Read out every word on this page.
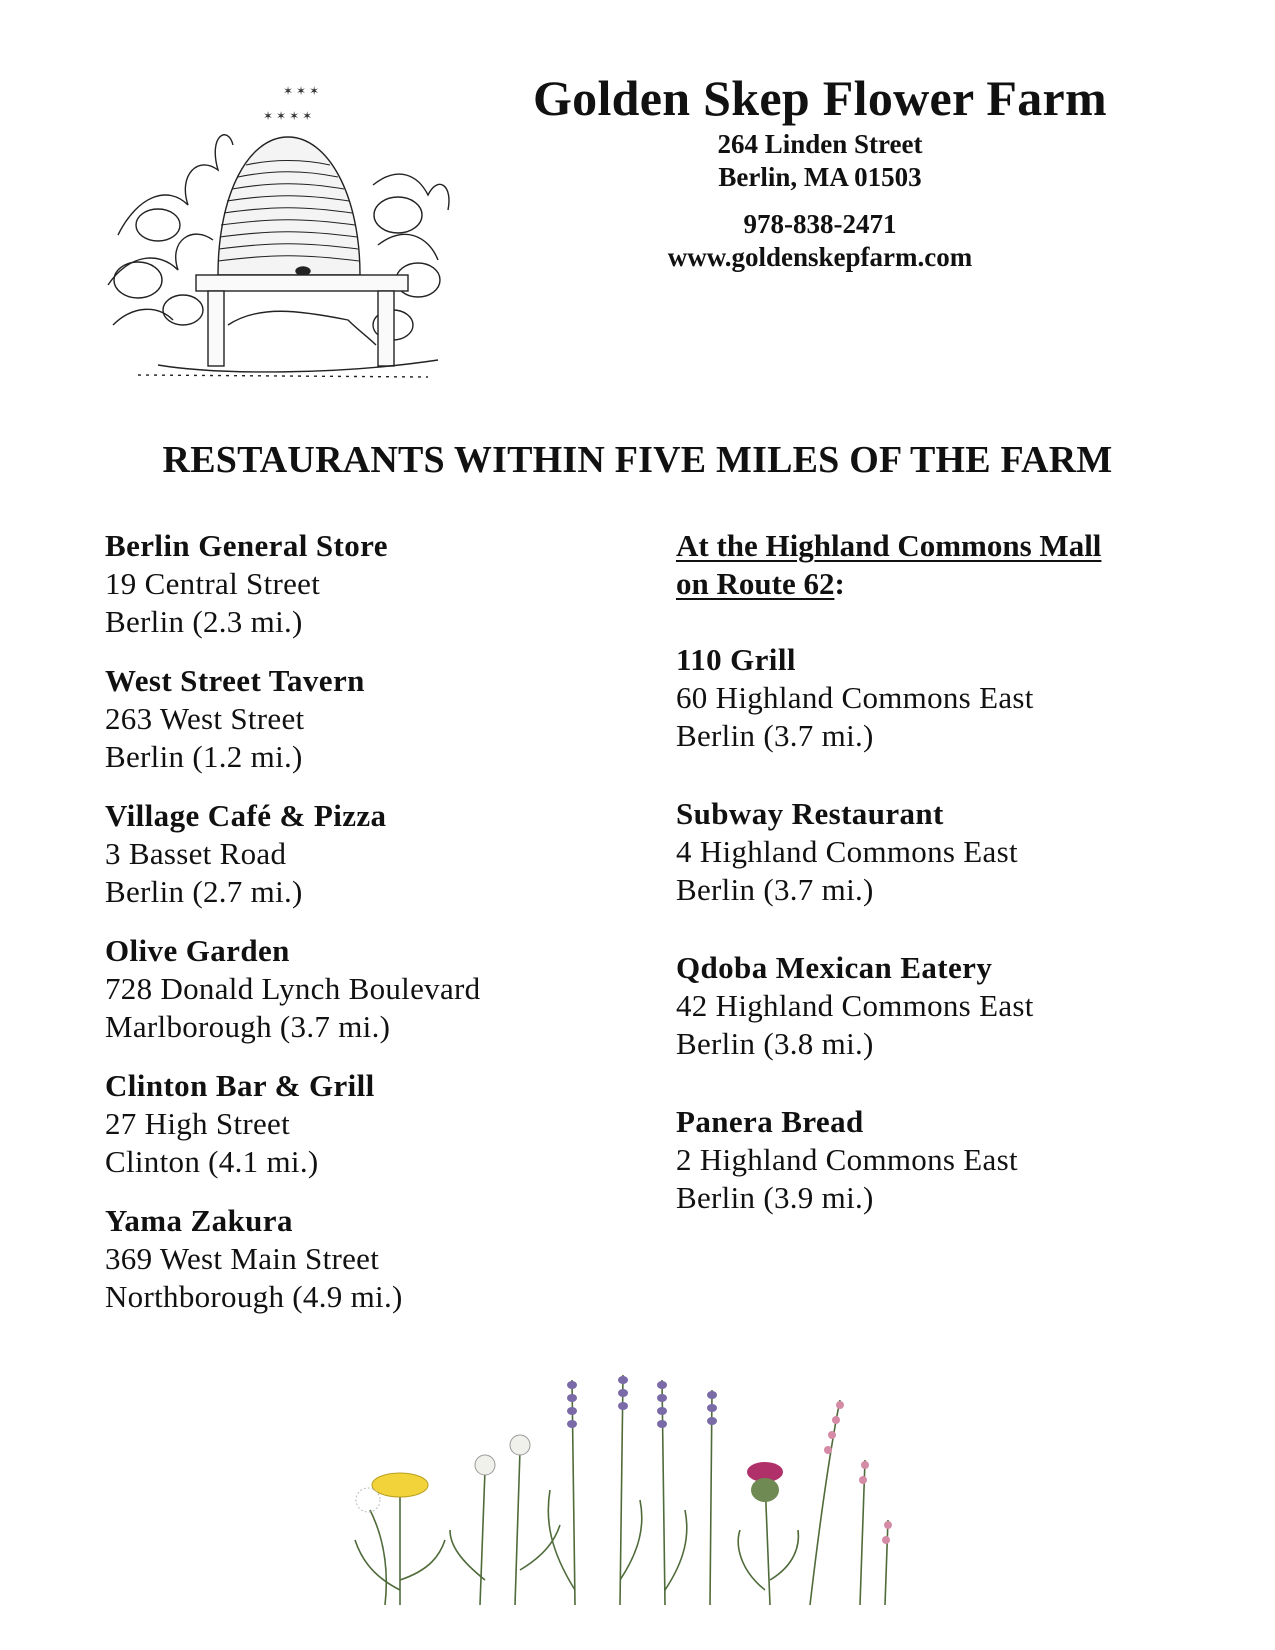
✶ ✶ ✶
✶ ✶ ✶ ✶	Golden Skep Flower Farm
264 Linden Street
Berlin, MA 01503
978-838-2471
www.goldenskepfarm.com
RESTAURANTS WITHIN FIVE MILES OF THE FARM
Berlin General Store
19 Central Street
Berlin (2.3 mi.)
West Street Tavern
263 West Street
Berlin (1.2 mi.)
Village Café & Pizza
3 Basset Road
Berlin (2.7 mi.)
Olive Garden
728 Donald Lynch Boulevard
Marlborough (3.7 mi.)
Clinton Bar & Grill
27 High Street
Clinton (4.1 mi.)
Yama Zakura
369 West Main Street
Northborough (4.9 mi.)
At the Highland Commons Mall
on Route 62:
110 Grill
60 Highland Commons East
Berlin (3.7 mi.)
Subway Restaurant
4 Highland Commons East
Berlin (3.7 mi.)
Qdoba Mexican Eatery
42 Highland Commons East
Berlin (3.8 mi.)
Panera Bread
2 Highland Commons East
Berlin (3.9 mi.)
